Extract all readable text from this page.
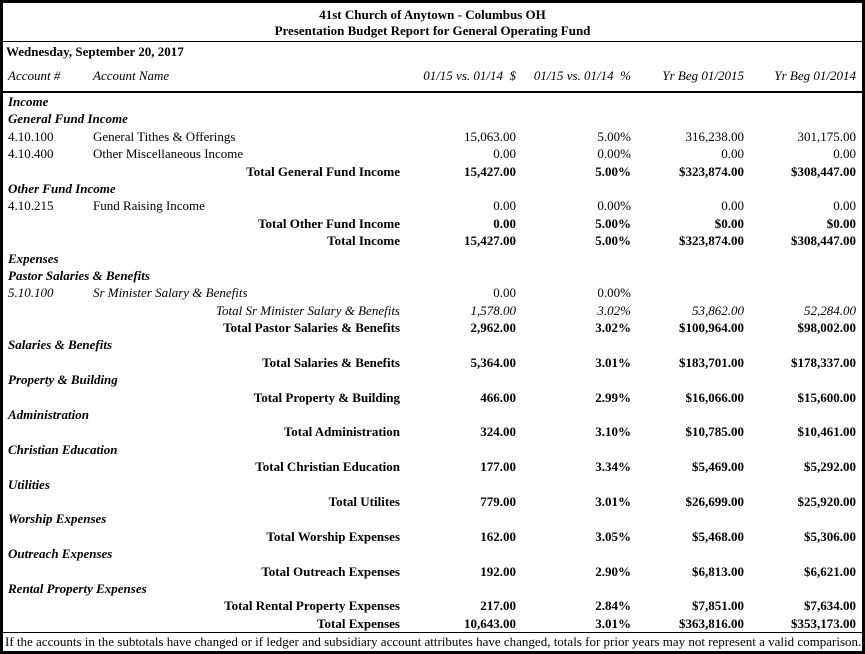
41st Church of Anytown - Columbus OH
Presentation Budget Report for General Operating Fund
Wednesday, September 20, 2017
Account #	Account Name	01/15 vs. 01/14  $	01/15 vs. 01/14  %	Yr Beg 01/2015	Yr Beg 01/2014
Income
General Fund Income
4.10.100	General Tithes & Offerings	15,063.00	5.00%	316,238.00	301,175.00
4.10.400	Other Miscellaneous Income	0.00	0.00%	0.00	0.00
Total General Fund Income	15,427.00	5.00%	$323,874.00	$308,447.00
Other Fund Income
4.10.215	Fund Raising Income	0.00	0.00%	0.00	0.00
Total Other Fund Income	0.00	5.00%	$0.00	$0.00
Total Income	15,427.00	5.00%	$323,874.00	$308,447.00
Expenses
Pastor Salaries & Benefits
5.10.100	Sr Minister Salary & Benefits	0.00	0.00%
Total Sr Minister Salary & Benefits	1,578.00	3.02%	53,862.00	52,284.00
Total Pastor Salaries & Benefits	2,962.00	3.02%	$100,964.00	$98,002.00
Salaries & Benefits
Total Salaries & Benefits	5,364.00	3.01%	$183,701.00	$178,337.00
Property & Building
Total Property & Building	466.00	2.99%	$16,066.00	$15,600.00
Administration
Total Administration	324.00	3.10%	$10,785.00	$10,461.00
Christian Education
Total Christian Education	177.00	3.34%	$5,469.00	$5,292.00
Utilities
Total Utilites	779.00	3.01%	$26,699.00	$25,920.00
Worship Expenses
Total Worship Expenses	162.00	3.05%	$5,468.00	$5,306.00
Outreach Expenses
Total Outreach Expenses	192.00	2.90%	$6,813.00	$6,621.00
Rental Property Expenses
Total Rental Property Expenses	217.00	2.84%	$7,851.00	$7,634.00
Total Expenses	10,643.00	3.01%	$363,816.00	$353,173.00
If the accounts in the subtotals have changed or if ledger and subsidiary account attributes have changed, totals for prior years may not represent a valid comparison.
